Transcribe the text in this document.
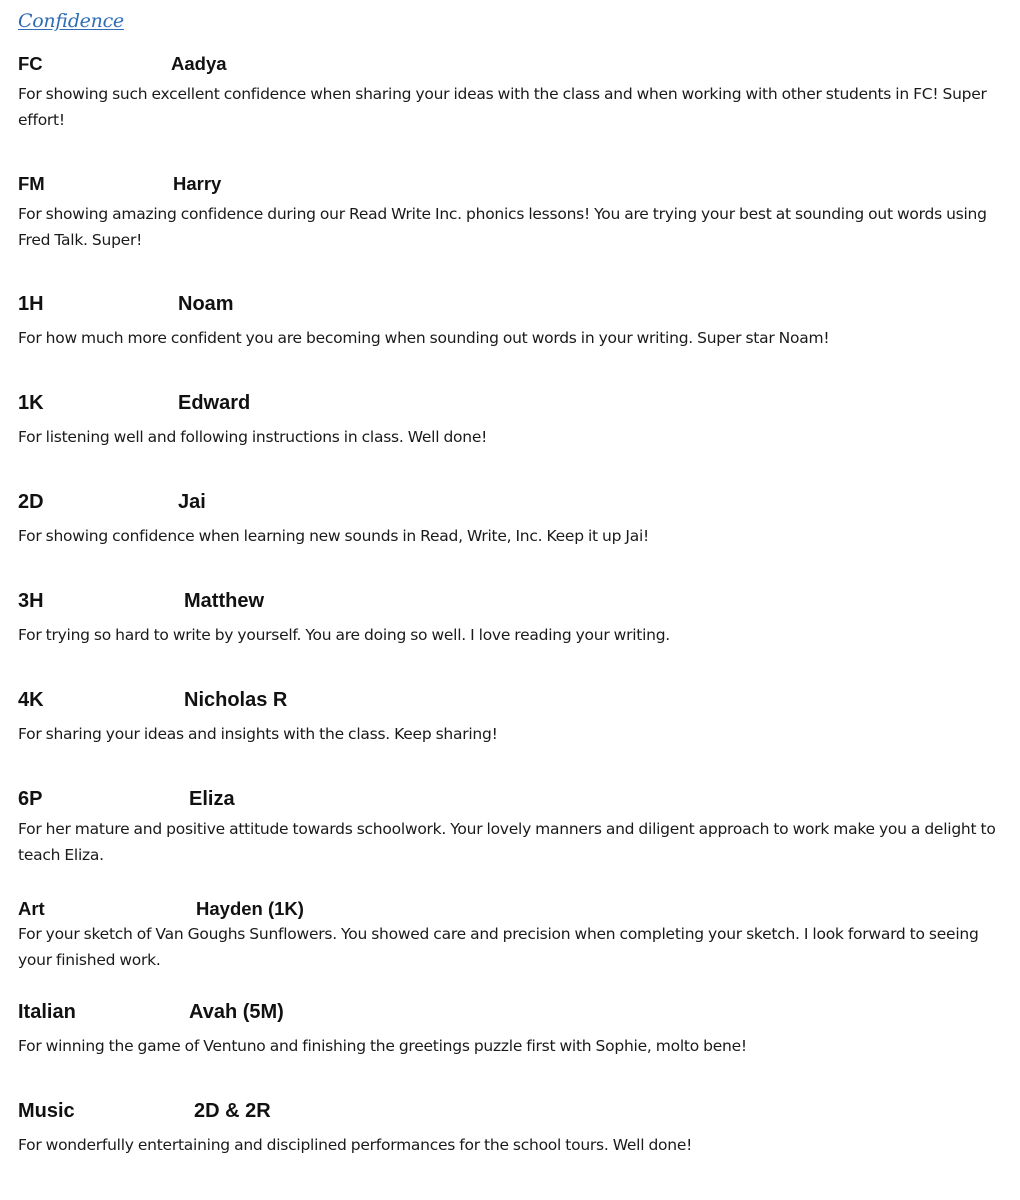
Confidence
FC	Aadya

For showing such excellent confidence when sharing your ideas with the class and when working with other students in FC! Super effort!

FM	Harry

For showing amazing confidence during our Read Write Inc. phonics lessons! You are trying your best at sounding out words using Fred Talk. Super!

1H	Noam

For how much more confident you are becoming when sounding out words in your writing. Super star Noam!

1K	Edward

For listening well and following instructions in class. Well done!

2D	Jai

For showing confidence when learning new sounds in Read, Write, Inc. Keep it up Jai!

3H	Matthew

For trying so hard to write by yourself. You are doing so well. I love reading your writing.

4K	Nicholas R

For sharing your ideas and insights with the class. Keep sharing!

6P	Eliza

For her mature and positive attitude towards schoolwork. Your lovely manners and diligent approach to work make you a delight to teach Eliza.

Art	Hayden (1K)

For your sketch of Van Goughs Sunflowers. You showed care and precision when completing your sketch. I look forward to seeing your finished work.

Italian	Avah (5M)

For winning the game of Ventuno and finishing the greetings puzzle first with Sophie, molto bene!

Music	2D & 2R

For wonderfully entertaining and disciplined performances for the school tours. Well done!
